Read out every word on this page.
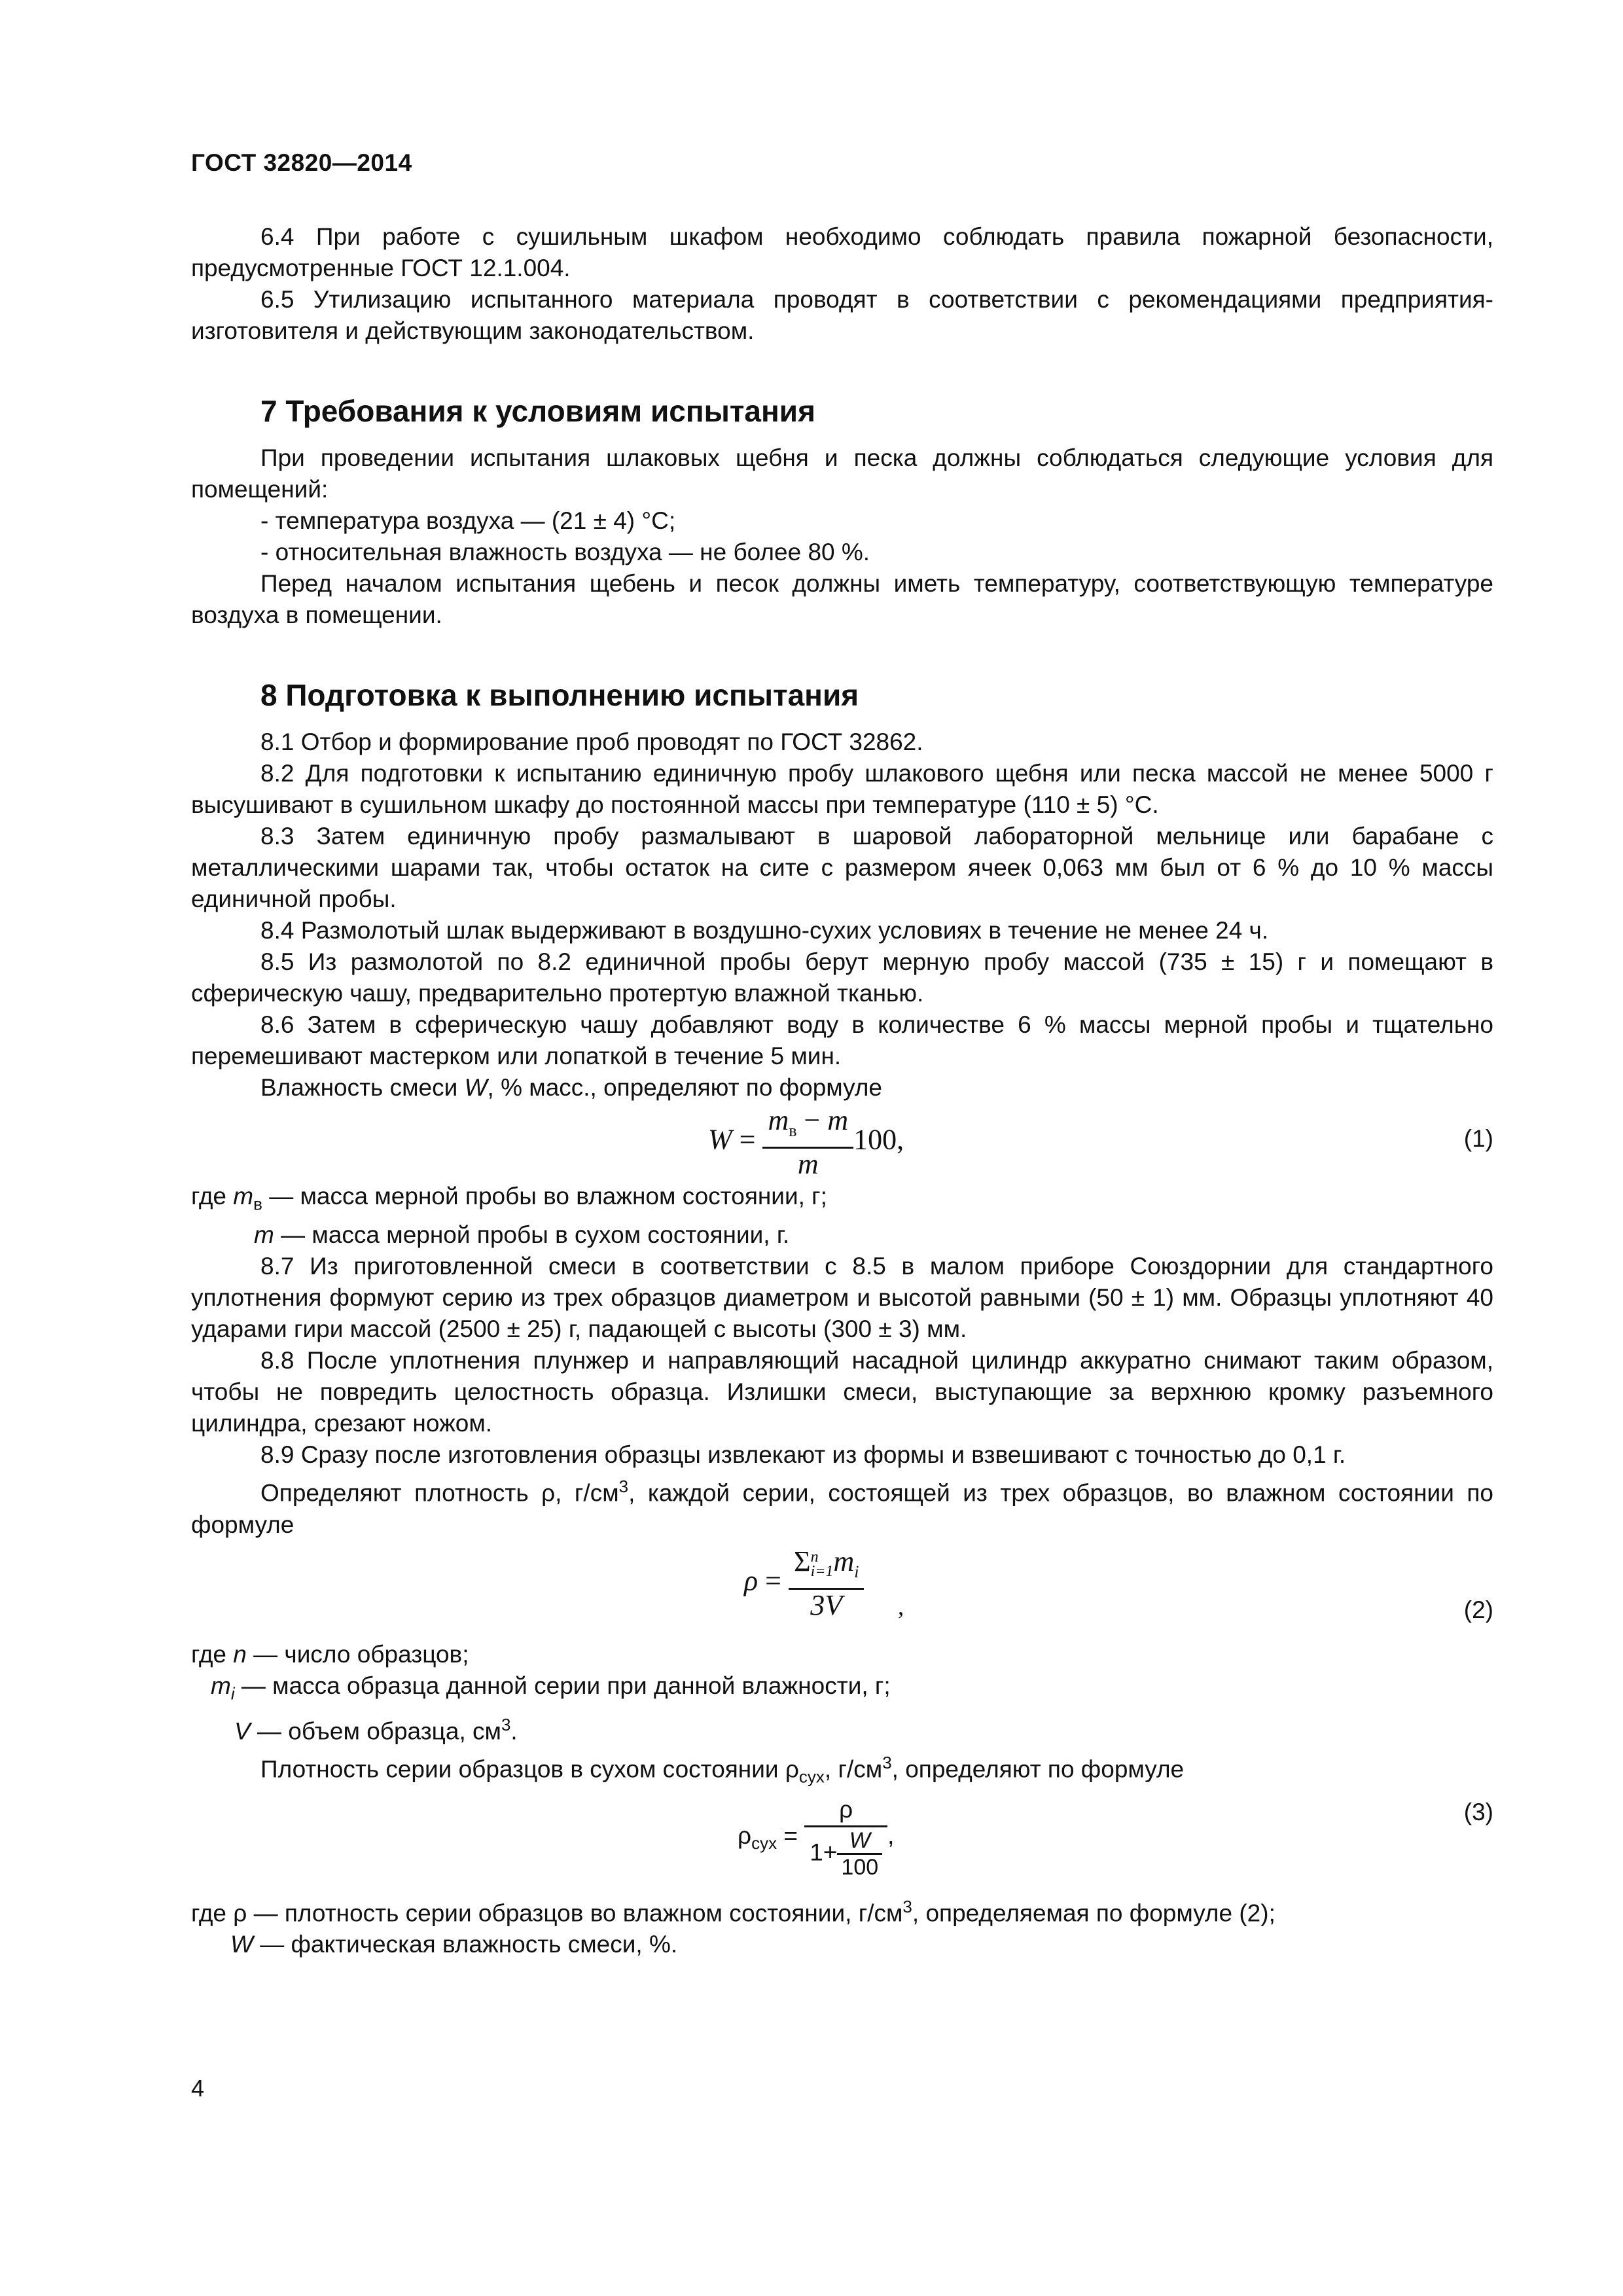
ГОСТ 32820—2014

6.4 При работе с сушильным шкафом необходимо соблюдать правила пожарной безопасности, предусмотренные ГОСТ 12.1.004.

6.5 Утилизацию испытанного материала проводят в соответствии с рекомендациями предприятия-изготовителя и действующим законодательством.

7 Требования к условиям испытания

При проведении испытания шлаковых щебня и песка должны соблюдаться следующие условия для помещений:

- температура воздуха — (21 ± 4) °С;

- относительная влажность воздуха — не более 80 %.

Перед началом испытания щебень и песок должны иметь температуру, соответствующую температуре воздуха в помещении.

8 Подготовка к выполнению испытания

8.1 Отбор и формирование проб проводят по ГОСТ 32862.

8.2 Для подготовки к испытанию единичную пробу шлакового щебня или песка массой не менее 5000 г высушивают в сушильном шкафу до постоянной массы при температуре (110 ± 5) °С.

8.3 Затем единичную пробу размалывают в шаровой лабораторной мельнице или барабане с металлическими шарами так, чтобы остаток на сите с размером ячеек 0,063 мм был от 6 % до 10 % массы единичной пробы.

8.4 Размолотый шлак выдерживают в воздушно-сухих условиях в течение не менее 24 ч.

8.5 Из размолотой по 8.2 единичной пробы берут мерную пробу массой (735 ± 15) г и помещают в сферическую чашу, предварительно протертую влажной тканью.

8.6 Затем в сферическую чашу добавляют воду в количестве 6 % массы мерной пробы и тщательно перемешивают мастерком или лопаткой в течение 5 мин.

Влажность смеси W, % масс., определяют по формуле

$W = \frac{m_в - m}{m} 100$,	(1)

где $m_в$ — масса мерной пробы во влажном состоянии, г;

m — масса мерной пробы в сухом состоянии, г.

8.7 Из приготовленной смеси в соответствии с 8.5 в малом приборе Союздорнии для стандартного уплотнения формуют серию из трех образцов диаметром и высотой равными (50 ± 1) мм. Образцы уплотняют 40 ударами гири массой (2500 ± 25) г, падающей с высоты (300 ± 3) мм.

8.8 После уплотнения плунжер и направляющий насадной цилиндр аккуратно снимают таким образом, чтобы не повредить целостность образца. Излишки смеси, выступающие за верхнюю кромку разъемного цилиндра, срезают ножом.

8.9 Сразу после изготовления образцы извлекают из формы и взвешивают с точностью до 0,1 г.

Определяют плотность ρ, $г/см^3$, каждой серии, состоящей из трех образцов, во влажном состоянии по формуле

ρ = Σ n
i=1 $m_i$
3V ,	(2)

где n — число образцов;

$m_i$ — масса образца данной серии при данной влажности, г;

V — объем образца, $см^3$.

Плотность серии образцов в сухом состоянии $\rho_{сух}$, $г/см^3$, определяют по формуле

$\rho_{сух} = \frac{\rho}{1+ \frac{W}{100}}$ ,
(3)

где ρ — плотность серии образцов во влажном состоянии, $г/см^3$, определяемая по формуле (2);

W — фактическая влажность смеси, %.

4
